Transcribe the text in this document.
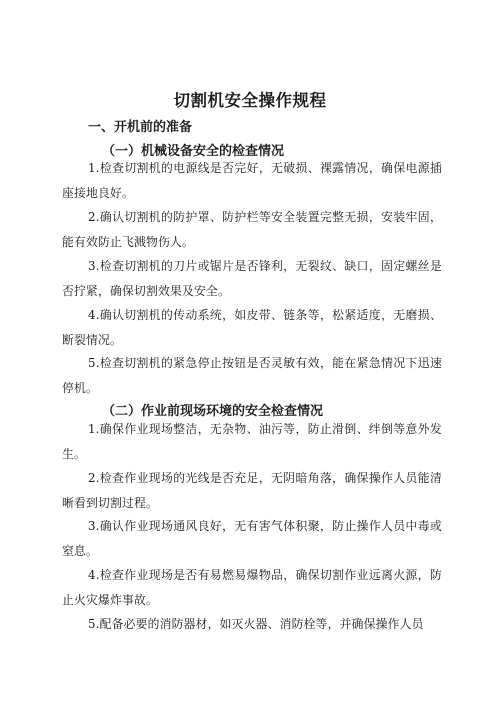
切割机安全操作规程
一、开机前的准备
（一）机械设备安全的检查情况
1.检查切割机的电源线是否完好，无破损、裸露情况，确保电源插座接地良好。
2.确认切割机的防护罩、防护栏等安全装置完整无损，安装牢固，能有效防止飞溅物伤人。
3.检查切割机的刀片或锯片是否锋利，无裂纹、缺口，固定螺丝是否拧紧，确保切割效果及安全。
4.确认切割机的传动系统，如皮带、链条等，松紧适度，无磨损、断裂情况。
5.检查切割机的紧急停止按钮是否灵敏有效，能在紧急情况下迅速停机。
（二）作业前现场环境的安全检查情况
1.确保作业现场整洁，无杂物、油污等，防止滑倒、绊倒等意外发生。
2.检查作业现场的光线是否充足，无阴暗角落，确保操作人员能清晰看到切割过程。
3.确认作业现场通风良好，无有害气体积聚，防止操作人员中毒或窒息。
4.检查作业现场是否有易燃易爆物品，确保切割作业远离火源，防止火灾爆炸事故。
5.配备必要的消防器材，如灭火器、消防栓等，并确保操作人员
